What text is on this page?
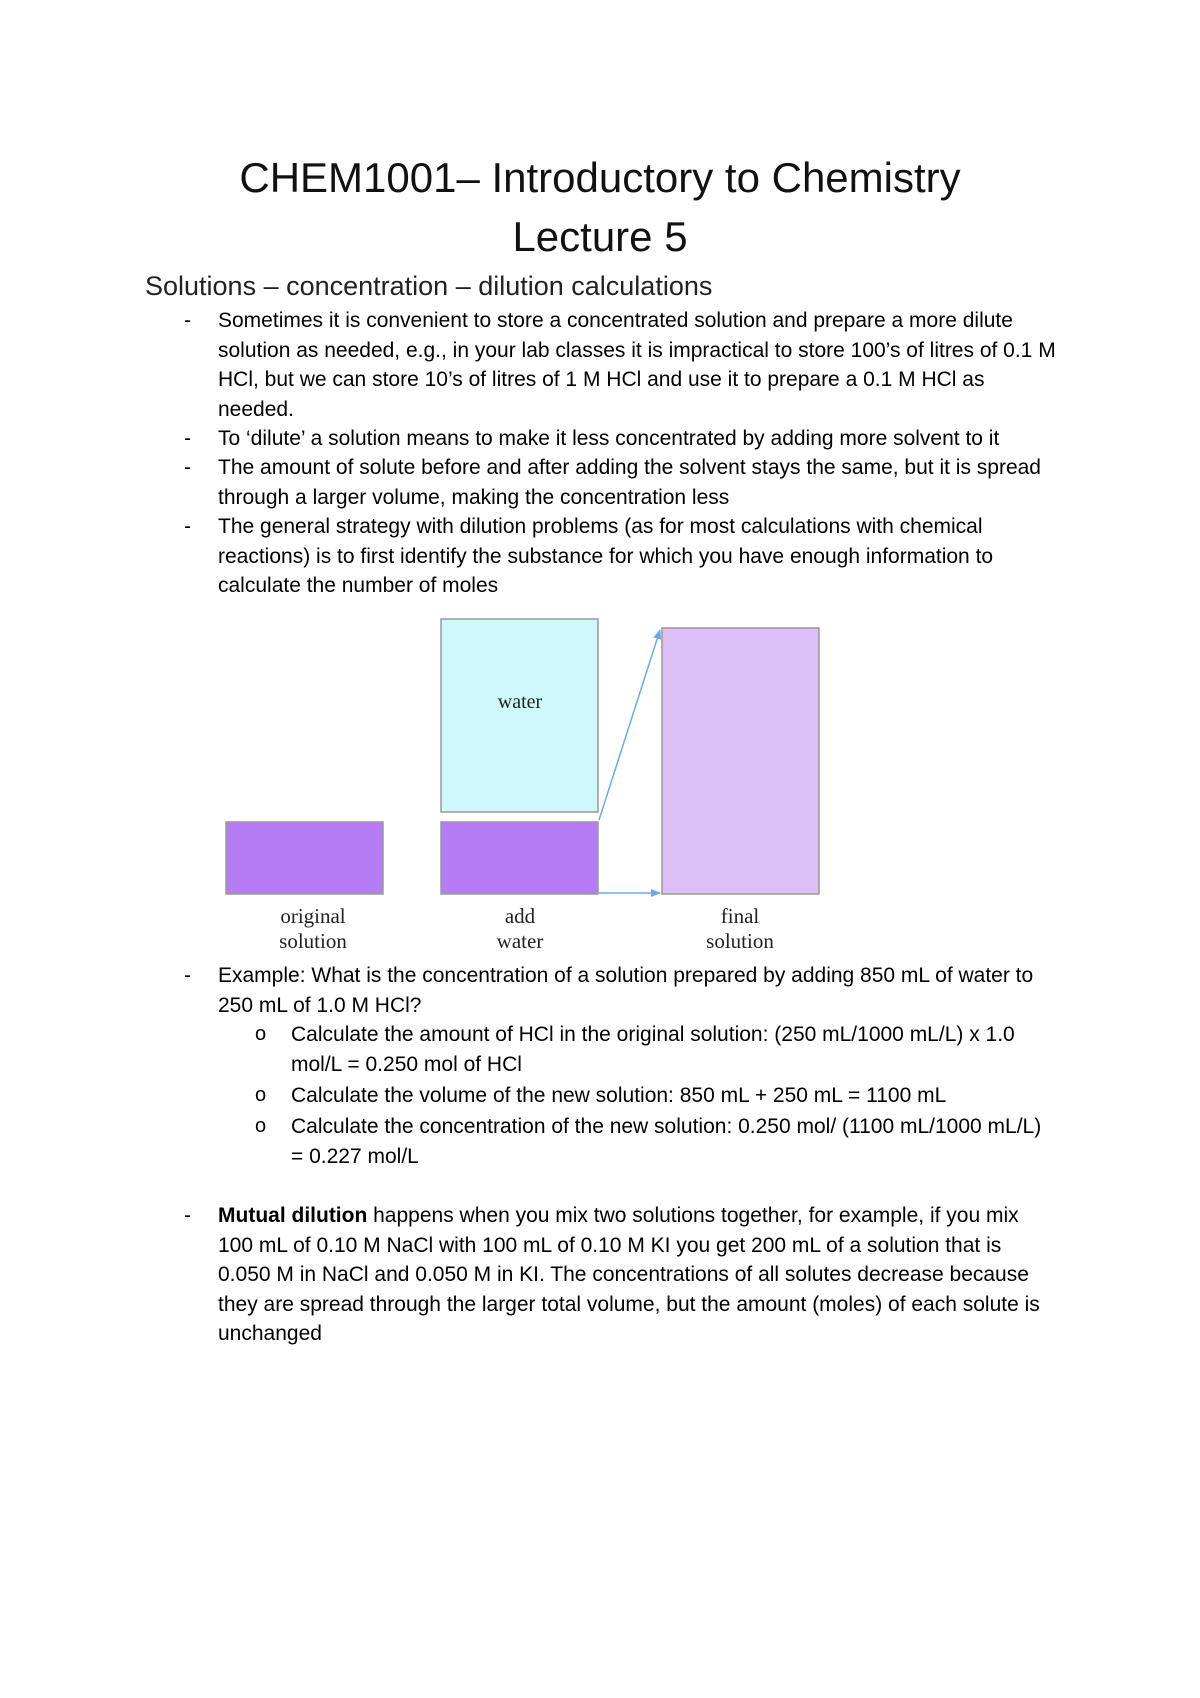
CHEM1001– Introductory to Chemistry
Lecture 5
Solutions – concentration – dilution calculations
- Sometimes it is convenient to store a concentrated solution and prepare a more dilute solution as needed, e.g., in your lab classes it is impractical to store 100’s of litres of 0.1 M HCl, but we can store 10’s of litres of 1 M HCl and use it to prepare a 0.1 M HCl as needed.
- To ‘dilute’ a solution means to make it less concentrated by adding more solvent to it
- The amount of solute before and after adding the solvent stays the same, but it is spread through a larger volume, making the concentration less
- The general strategy with dilution problems (as for most calculations with chemical reactions) is to first identify the substance for which you have enough information to calculate the number of moles
water
original
solution
add
water
final
solution
- Example: What is the concentration of a solution prepared by adding 850 mL of water to 250 mL of 1.0 M HCl?
o Calculate the amount of HCl in the original solution: (250 mL/1000 mL/L) x 1.0 mol/L = 0.250 mol of HCl
o Calculate the volume of the new solution: 850 mL + 250 mL = 1100 mL
o Calculate the concentration of the new solution: 0.250 mol/ (1100 mL/1000 mL/L) = 0.227 mol/L
- Mutual dilution happens when you mix two solutions together, for example, if you mix 100 mL of 0.10 M NaCl with 100 mL of 0.10 M KI you get 200 mL of a solution that is 0.050 M in NaCl and 0.050 M in KI. The concentrations of all solutes decrease because they are spread through the larger total volume, but the amount (moles) of each solute is unchanged
